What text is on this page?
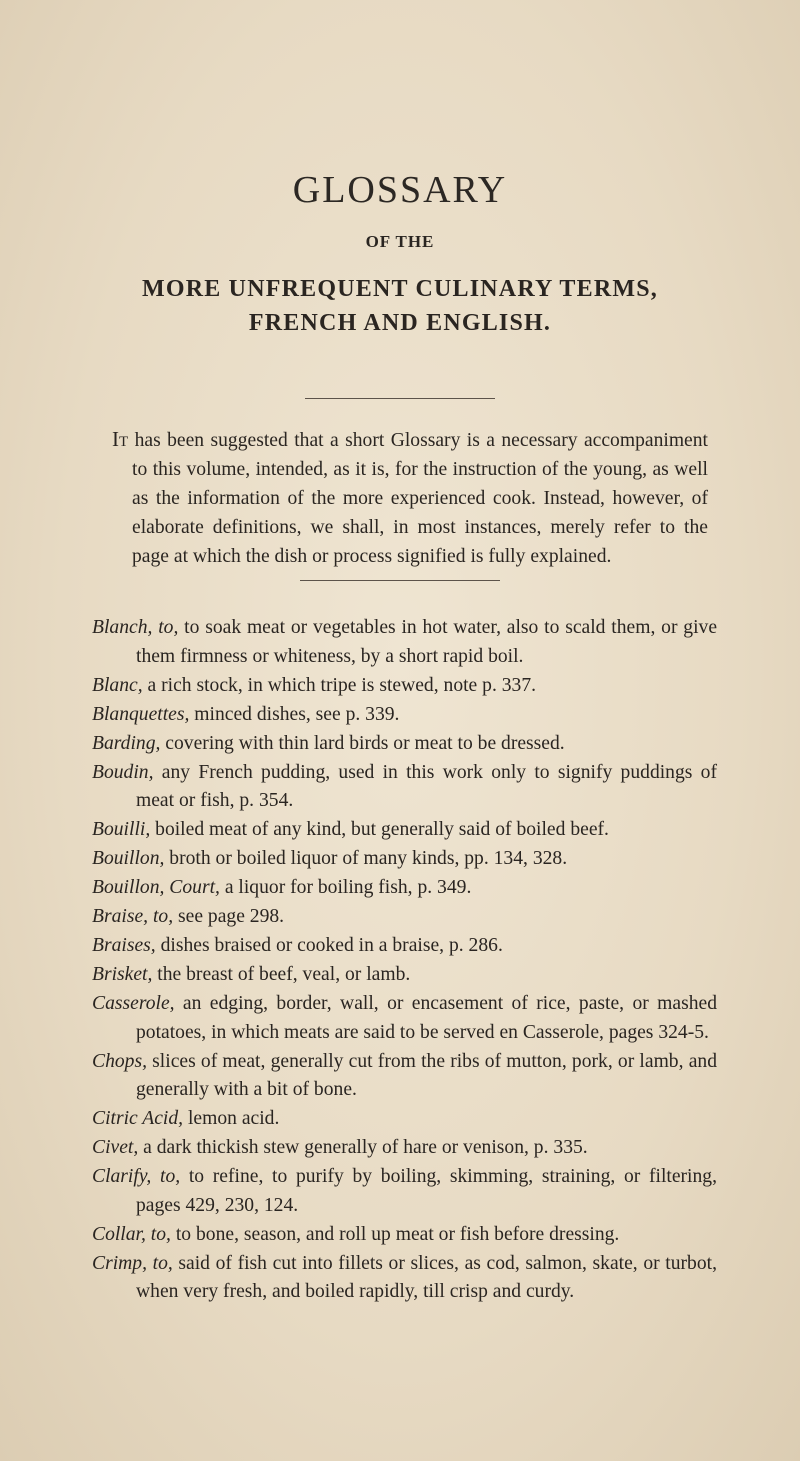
GLOSSARY
OF THE
MORE UNFREQUENT CULINARY TERMS, FRENCH AND ENGLISH.

It has been suggested that a short Glossary is a necessary accompaniment to this volume, intended, as it is, for the instruction of the young, as well as the information of the more experienced cook. Instead, however, of elaborate definitions, we shall, in most instances, merely refer to the page at which the dish or process signified is fully explained.

Blanch, to, to soak meat or vegetables in hot water, also to scald them, or give them firmness or whiteness, by a short rapid boil.
Blanc, a rich stock, in which tripe is stewed, note p. 337.
Blanquettes, minced dishes, see p. 339.
Barding, covering with thin lard birds or meat to be dressed.
Boudin, any French pudding, used in this work only to signify puddings of meat or fish, p. 354.
Bouilli, boiled meat of any kind, but generally said of boiled beef.
Bouillon, broth or boiled liquor of many kinds, pp. 134, 328.
Bouillon, Court, a liquor for boiling fish, p. 349.
Braise, to, see page 298.
Braises, dishes braised or cooked in a braise, p. 286.
Brisket, the breast of beef, veal, or lamb.
Casserole, an edging, border, wall, or encasement of rice, paste, or mashed potatoes, in which meats are said to be served en Casserole, pages 324-5.
Chops, slices of meat, generally cut from the ribs of mutton, pork, or lamb, and generally with a bit of bone.
Citric Acid, lemon acid.
Civet, a dark thickish stew generally of hare or venison, p. 335.
Clarify, to, to refine, to purify by boiling, skimming, straining, or filtering, pages 429, 230, 124.
Collar, to, to bone, season, and roll up meat or fish before dressing.
Crimp, to, said of fish cut into fillets or slices, as cod, salmon, skate, or turbot, when very fresh, and boiled rapidly, till crisp and curdy.
